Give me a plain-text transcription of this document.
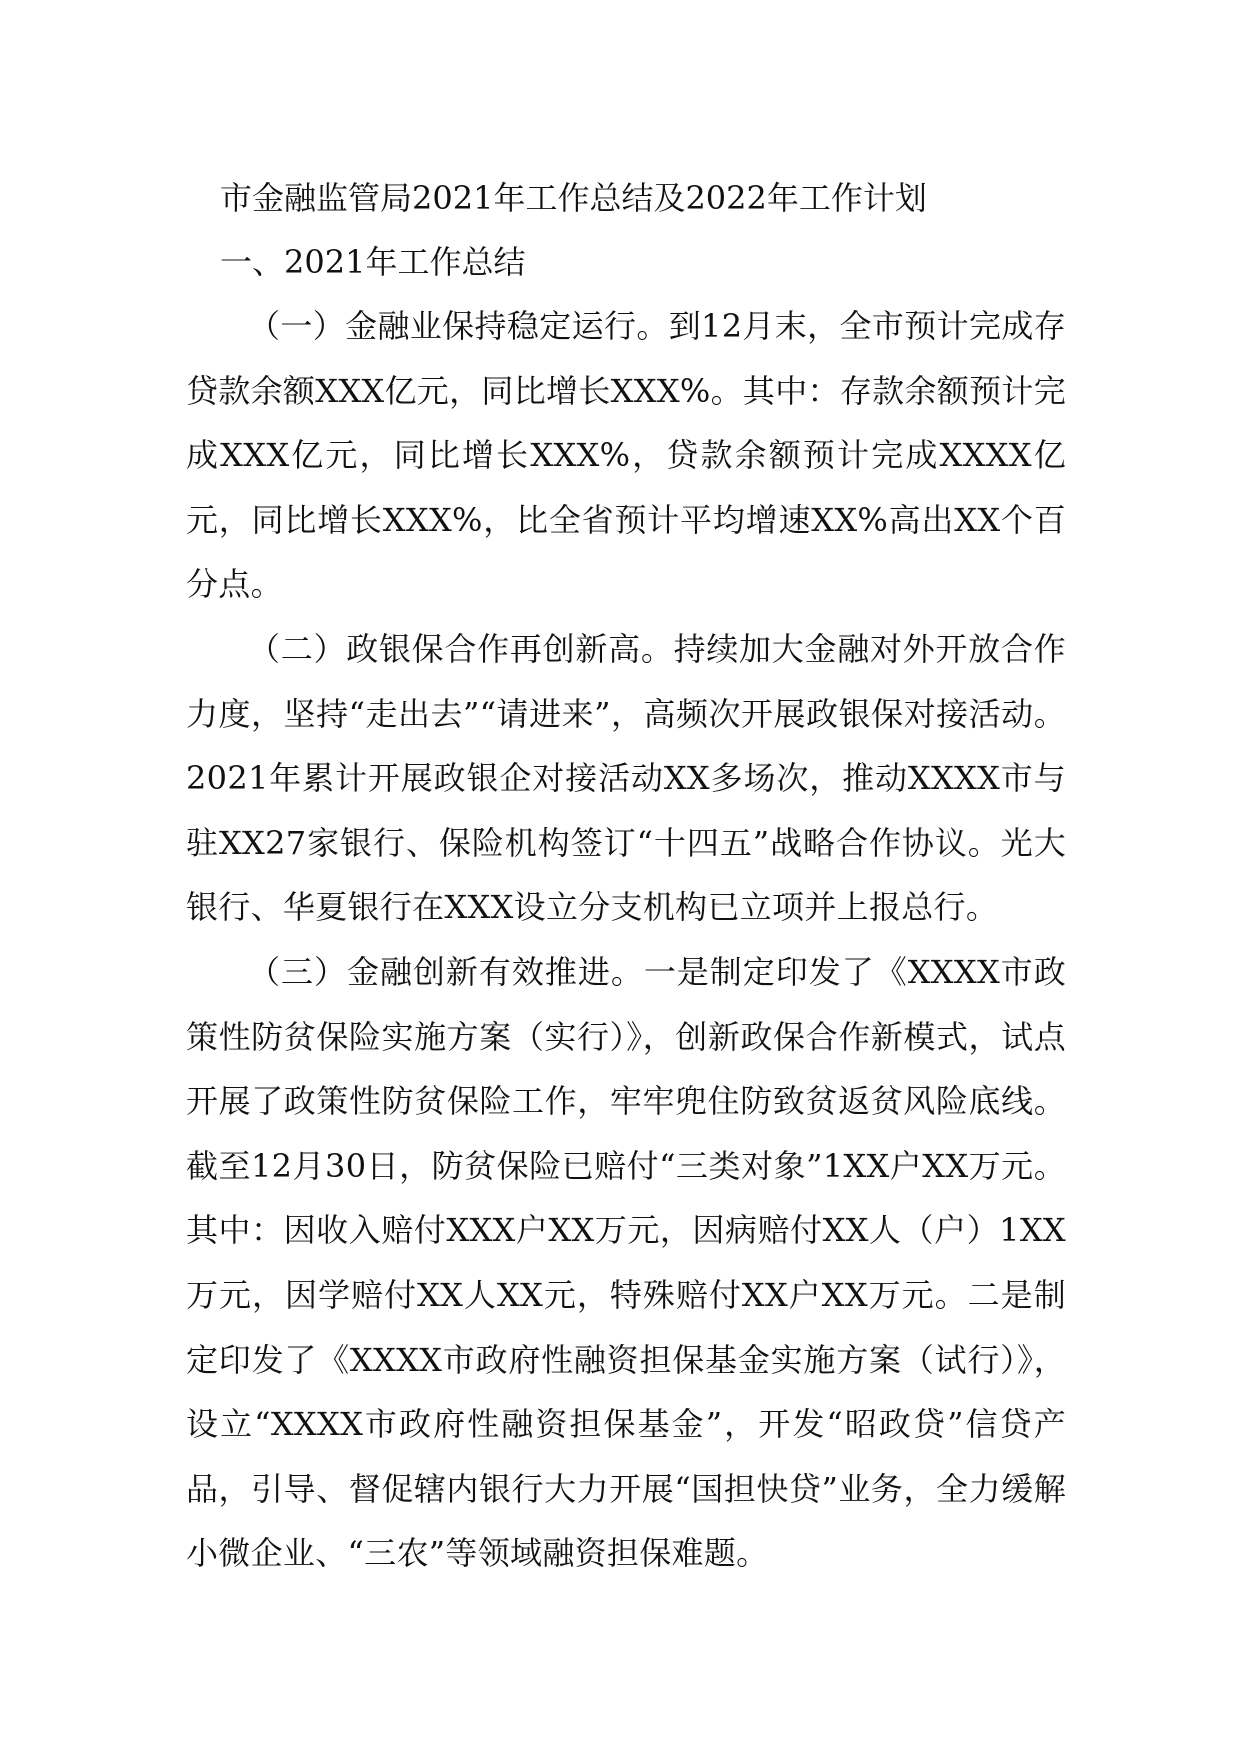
市金融监管局2021年工作总结及2022年工作计划

一、2021年工作总结

（一）金融业保持稳定运行。到12月末，全市预计完成存贷款余额XXX亿元，同比增长XXX%。其中：存款余额预计完成XXX亿元，同比增长XXX%，贷款余额预计完成XXXX亿元，同比增长XXX%，比全省预计平均增速XX%高出XX个百分点。

（二）政银保合作再创新高。持续加大金融对外开放合作力度，坚持“走出去”“请进来”，高频次开展政银保对接活动。2021年累计开展政银企对接活动XX多场次，推动XXXX市与驻XX27家银行、保险机构签订“十四五”战略合作协议。光大银行、华夏银行在XXX设立分支机构已立项并上报总行。

（三）金融创新有效推进。一是制定印发了《XXXX市政策性防贫保险实施方案（实行）》，创新政保合作新模式，试点开展了政策性防贫保险工作，牢牢兜住防致贫返贫风险底线。截至12月30日，防贫保险已赔付“三类对象”1XX户XX万元。其中：因收入赔付XXX户XX万元，因病赔付XX人（户）1XX万元，因学赔付XX人XX元，特殊赔付XX户XX万元。二是制定印发了《XXXX市政府性融资担保基金实施方案（试行）》，设立“XXXX市政府性融资担保基金”，开发“昭政贷”信贷产品，引导、督促辖内银行大力开展“国担快贷”业务，全力缓解小微企业、“三农”等领域融资担保难题。
